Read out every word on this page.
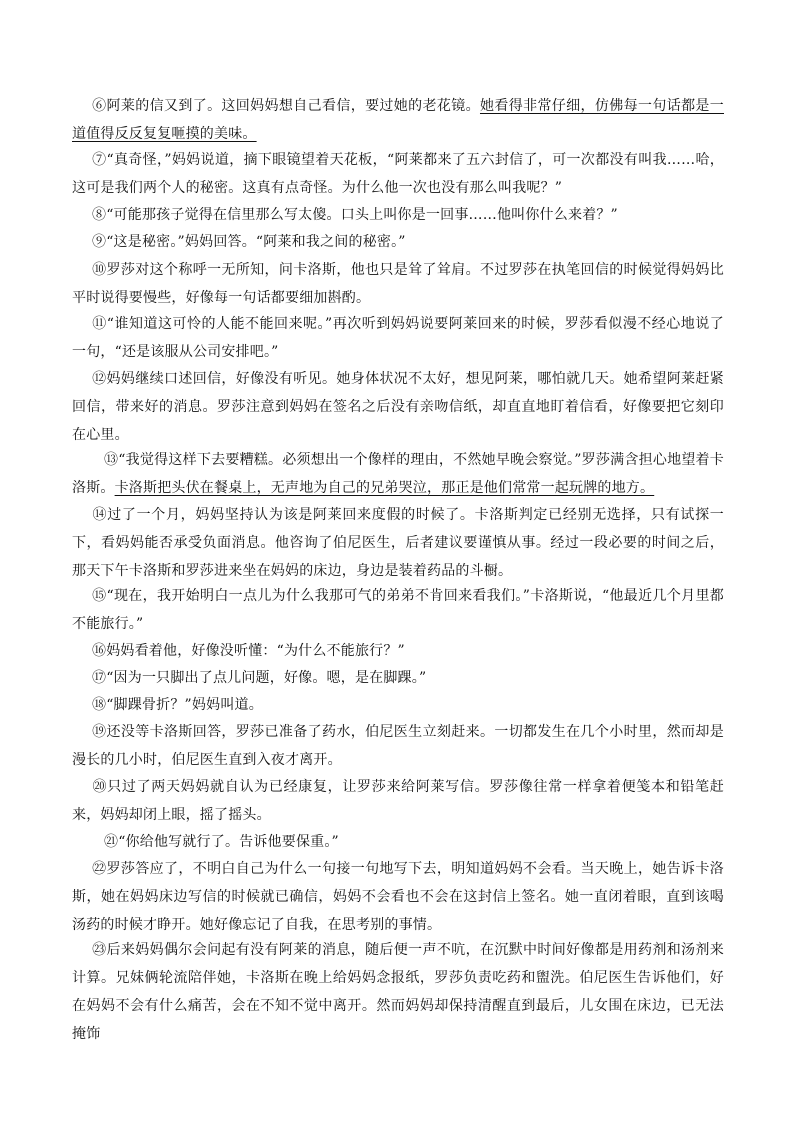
⑥阿莱的信又到了。这回妈妈想自己看信，要过她的老花镜。她看得非常仔细，仿佛每一句话都是一道值得反反复复咂摸的美味。

⑦“真奇怪，”妈妈说道，摘下眼镜望着天花板，“阿莱都来了五六封信了，可一次都没有叫我……哈，这可是我们两个人的秘密。这真有点奇怪。为什么他一次也没有那么叫我呢？”

⑧“可能那孩子觉得在信里那么写太傻。口头上叫你是一回事……他叫你什么来着？”

⑨“这是秘密。”妈妈回答。“阿莱和我之间的秘密。”

⑩罗莎对这个称呼一无所知，问卡洛斯，他也只是耸了耸肩。不过罗莎在执笔回信的时候觉得妈妈比平时说得要慢些，好像每一句话都要细加斟酌。

⑪“谁知道这可怜的人能不能回来呢。”再次听到妈妈说要阿莱回来的时候，罗莎看似漫不经心地说了一句，“还是该服从公司安排吧。”

⑫妈妈继续口述回信，好像没有听见。她身体状况不太好，想见阿莱，哪怕就几天。她希望阿莱赶紧回信，带来好的消息。罗莎注意到妈妈在签名之后没有亲吻信纸，却直直地盯着信看，好像要把它刻印在心里。

⑬“我觉得这样下去要糟糕。必须想出一个像样的理由，不然她早晚会察觉。”罗莎满含担心地望着卡洛斯。卡洛斯把头伏在餐桌上，无声地为自己的兄弟哭泣，那正是他们常常一起玩牌的地方。

⑭过了一个月，妈妈坚持认为该是阿莱回来度假的时候了。卡洛斯判定已经别无选择，只有试探一下，看妈妈能否承受负面消息。他咨询了伯尼医生，后者建议要谨慎从事。经过一段必要的时间之后，那天下午卡洛斯和罗莎进来坐在妈妈的床边，身边是装着药品的斗橱。

⑮“现在，我开始明白一点儿为什么我那可气的弟弟不肯回来看我们。”卡洛斯说，“他最近几个月里都不能旅行。”

⑯妈妈看着他，好像没听懂：“为什么不能旅行？”

⑰“因为一只脚出了点儿问题，好像。嗯，是在脚踝。”

⑱“脚踝骨折？”妈妈叫道。

⑲还没等卡洛斯回答，罗莎已准备了药水，伯尼医生立刻赶来。一切都发生在几个小时里，然而却是漫长的几小时，伯尼医生直到入夜才离开。

⑳只过了两天妈妈就自认为已经康复，让罗莎来给阿莱写信。罗莎像往常一样拿着便笺本和铅笔赶来，妈妈却闭上眼，摇了摇头。

㉑“你给他写就行了。告诉他要保重。”

㉒罗莎答应了，不明白自己为什么一句接一句地写下去，明知道妈妈不会看。当天晚上，她告诉卡洛斯，她在妈妈床边写信的时候就已确信，妈妈不会看也不会在这封信上签名。她一直闭着眼，直到该喝汤药的时候才睁开。她好像忘记了自我，在思考别的事情。

㉓后来妈妈偶尔会问起有没有阿莱的消息，随后便一声不吭，在沉默中时间好像都是用药剂和汤剂来计算。兄妹俩轮流陪伴她，卡洛斯在晚上给妈妈念报纸，罗莎负责吃药和盥洗。伯尼医生告诉他们，好在妈妈不会有什么痛苦，会在不知不觉中离开。然而妈妈却保持清醒直到最后，儿女围在床边，已无法掩饰
